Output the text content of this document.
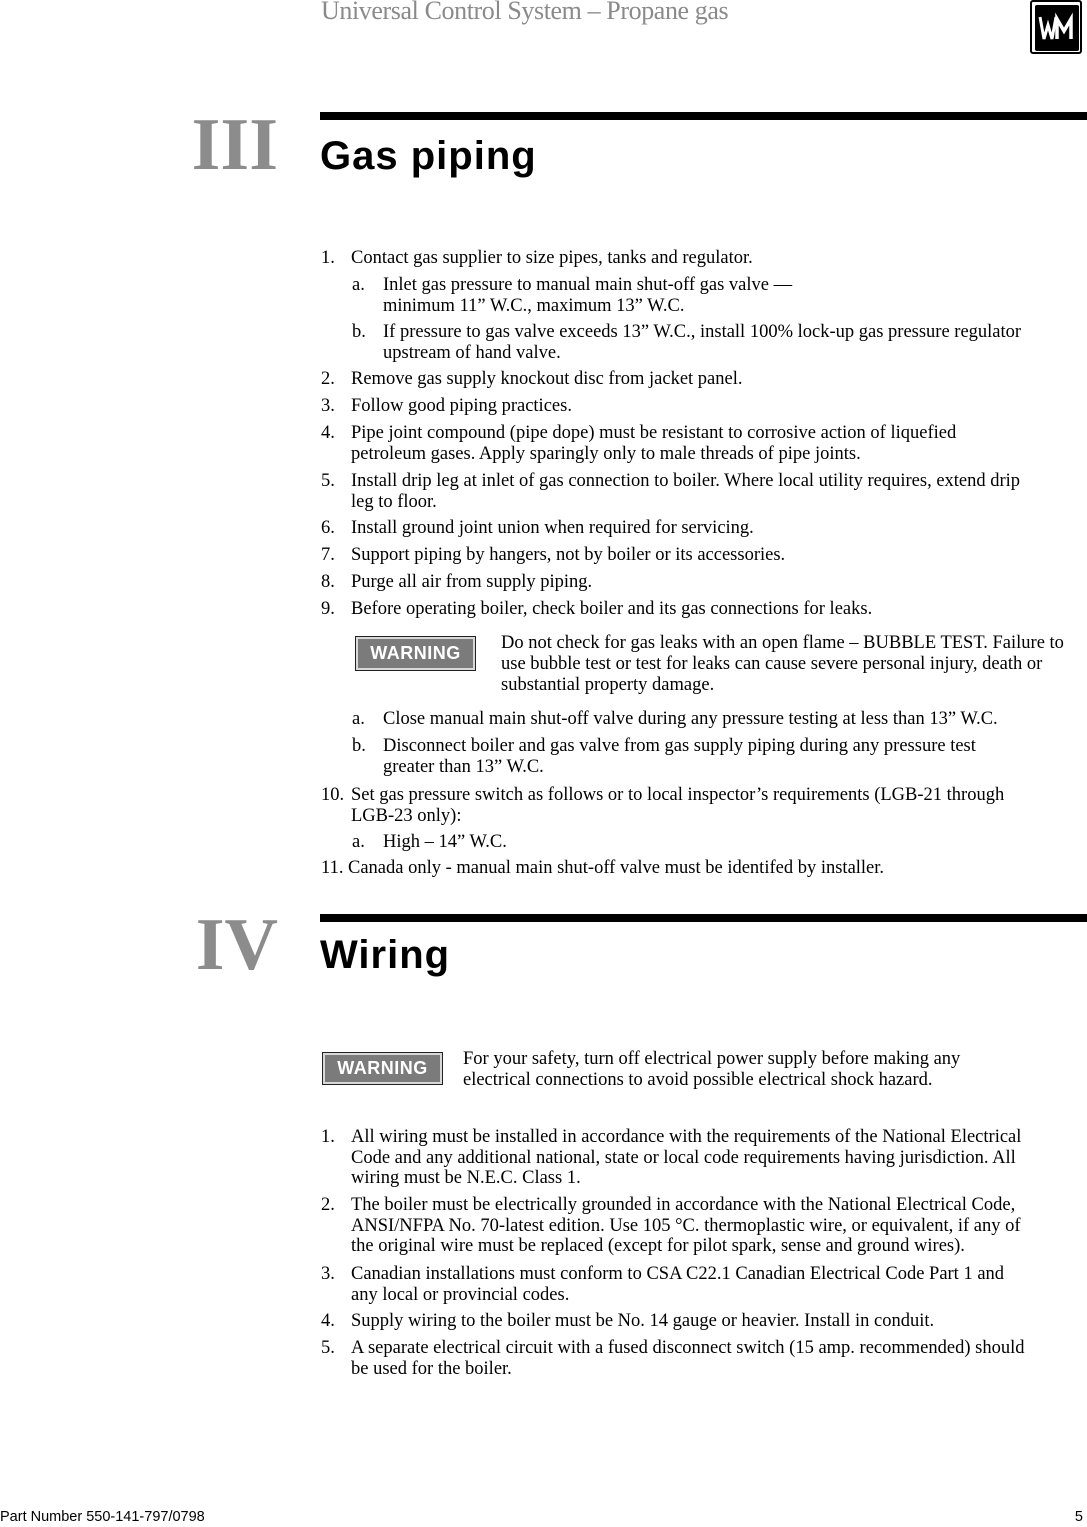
Universal Control System – Propane gas
III Gas piping
1. Contact gas supplier to size pipes, tanks and regulator.
a. Inlet gas pressure to manual main shut-off gas valve —
minimum 11” W.C., maximum 13” W.C.
b. If pressure to gas valve exceeds 13” W.C., install 100% lock-up gas pressure regulator
upstream of hand valve.
2. Remove gas supply knockout disc from jacket panel.
3. Follow good piping practices.
4. Pipe joint compound (pipe dope) must be resistant to corrosive action of liquefied
petroleum gases. Apply sparingly only to male threads of pipe joints.
5. Install drip leg at inlet of gas connection to boiler. Where local utility requires, extend drip
leg to floor.
6. Install ground joint union when required for servicing.
7. Support piping by hangers, not by boiler or its accessories.
8. Purge all air from supply piping.
9. Before operating boiler, check boiler and its gas connections for leaks.
WARNING	Do not check for gas leaks with an open flame – BUBBLE TEST. Failure to
use bubble test or test for leaks can cause severe personal injury, death or
substantial property damage.
a. Close manual main shut-off valve during any pressure testing at less than 13” W.C.
b. Disconnect boiler and gas valve from gas supply piping during any pressure test
greater than 13” W.C.
10. Set gas pressure switch as follows or to local inspector’s requirements (LGB-21 through
LGB-23 only):
a. High – 14” W.C.
11. Canada only - manual main shut-off valve must be identifed by installer.
IV Wiring
WARNING	For your safety, turn off electrical power supply before making any
electrical connections to avoid possible electrical shock hazard.
1. All wiring must be installed in accordance with the requirements of the National Electrical
Code and any additional national, state or local code requirements having jurisdiction. All
wiring must be N.E.C. Class 1.
2. The boiler must be electrically grounded in accordance with the National Electrical Code,
ANSI/NFPA No. 70-latest edition. Use 105 °C. thermoplastic wire, or equivalent, if any of
the original wire must be replaced (except for pilot spark, sense and ground wires).
3. Canadian installations must conform to CSA C22.1 Canadian Electrical Code Part 1 and
any local or provincial codes.
4. Supply wiring to the boiler must be No. 14 gauge or heavier. Install in conduit.
5. A separate electrical circuit with a fused disconnect switch (15 amp. recommended) should
be used for the boiler.
Part Number 550-141-797/0798	5
